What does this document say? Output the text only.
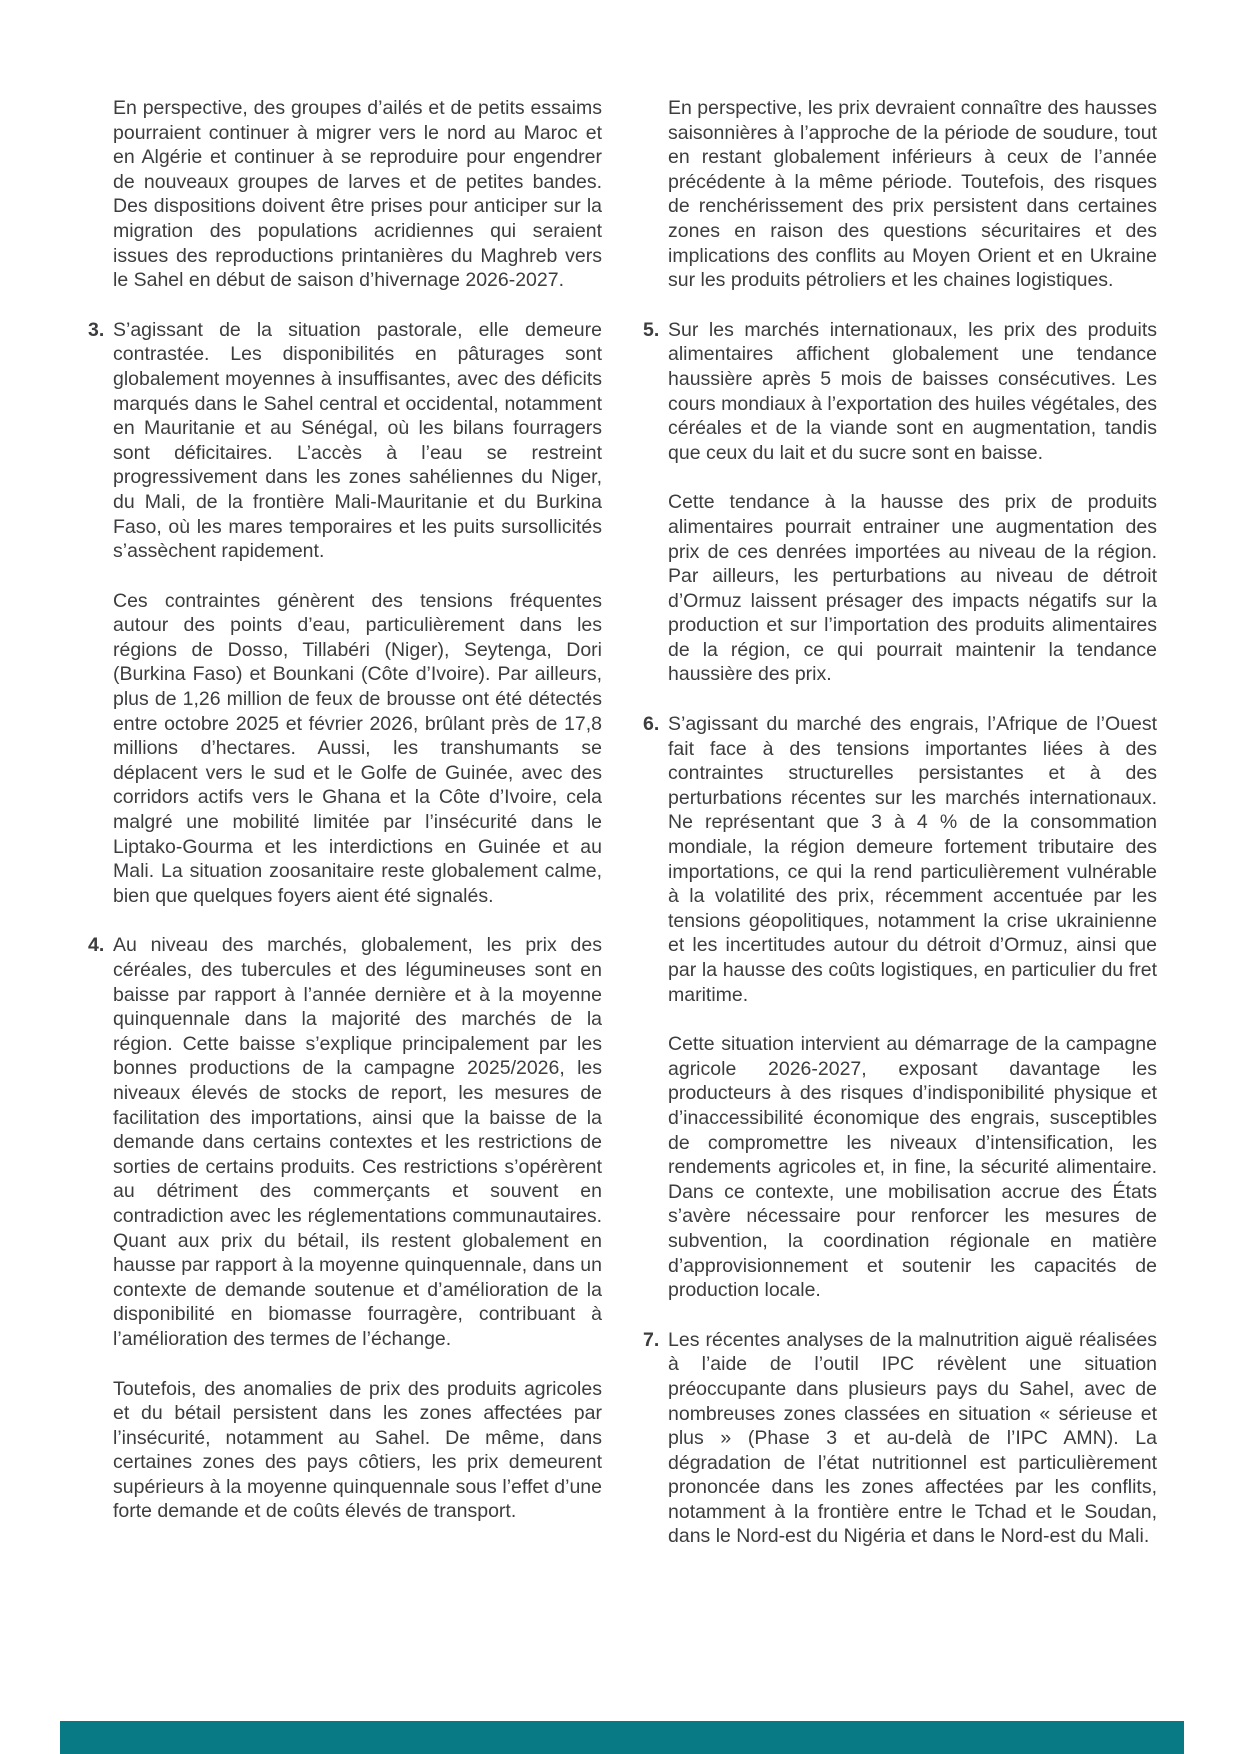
En perspective, des groupes d’ailés et de petits essaims pourraient continuer à migrer vers le nord au Maroc et en Algérie et continuer à se reproduire pour engendrer de nouveaux groupes de larves et de petites bandes. Des dispositions doivent être prises pour anticiper sur la migration des populations acridiennes qui seraient issues des reproductions printanières du Maghreb vers le Sahel en début de saison d’hivernage 2026-2027.

3. S’agissant de la situation pastorale, elle demeure contrastée. Les disponibilités en pâturages sont globalement moyennes à insuffisantes, avec des déficits marqués dans le Sahel central et occidental, notamment en Mauritanie et au Sénégal, où les bilans fourragers sont déficitaires. L’accès à l’eau se restreint progressivement dans les zones sahéliennes du Niger, du Mali, de la frontière Mali-Mauritanie et du Burkina Faso, où les mares temporaires et les puits sursollicités s’assèchent rapidement.

Ces contraintes génèrent des tensions fréquentes autour des points d’eau, particulièrement dans les régions de Dosso, Tillabéri (Niger), Seytenga, Dori (Burkina Faso) et Bounkani (Côte d’Ivoire). Par ailleurs, plus de 1,26 million de feux de brousse ont été détectés entre octobre 2025 et février 2026, brûlant près de 17,8 millions d’hectares. Aussi, les transhumants se déplacent vers le sud et le Golfe de Guinée, avec des corridors actifs vers le Ghana et la Côte d’Ivoire, cela malgré une mobilité limitée par l’insécurité dans le Liptako-Gourma et les interdictions en Guinée et au Mali. La situation zoosanitaire reste globalement calme, bien que quelques foyers aient été signalés.

4. Au niveau des marchés, globalement, les prix des céréales, des tubercules et des légumineuses sont en baisse par rapport à l’année dernière et à la moyenne quinquennale dans la majorité des marchés de la région. Cette baisse s’explique principalement par les bonnes productions de la campagne 2025/2026, les niveaux élevés de stocks de report, les mesures de facilitation des importations, ainsi que la baisse de la demande dans certains contextes et les restrictions de sorties de certains produits. Ces restrictions s’opérèrent au détriment des commerçants et souvent en contradiction avec les réglementations communautaires. Quant aux prix du bétail, ils restent globalement en hausse par rapport à la moyenne quinquennale, dans un contexte de demande soutenue et d’amélioration de la disponibilité en biomasse fourragère, contribuant à l’amélioration des termes de l’échange.

Toutefois, des anomalies de prix des produits agricoles et du bétail persistent dans les zones affectées par l’insécurité, notamment au Sahel. De même, dans certaines zones des pays côtiers, les prix demeurent supérieurs à la moyenne quinquennale sous l’effet d’une forte demande et de coûts élevés de transport.

En perspective, les prix devraient connaître des hausses saisonnières à l’approche de la période de soudure, tout en restant globalement inférieurs à ceux de l’année précédente à la même période. Toutefois, des risques de renchérissement des prix persistent dans certaines zones en raison des questions sécuritaires et des implications des conflits au Moyen Orient et en Ukraine sur les produits pétroliers et les chaines logistiques.

5. Sur les marchés internationaux, les prix des produits alimentaires affichent globalement une tendance haussière après 5 mois de baisses consécutives. Les cours mondiaux à l’exportation des huiles végétales, des céréales et de la viande sont en augmentation, tandis que ceux du lait et du sucre sont en baisse.

Cette tendance à la hausse des prix de produits alimentaires pourrait entrainer une augmentation des prix de ces denrées importées au niveau de la région. Par ailleurs, les perturbations au niveau de détroit d’Ormuz laissent présager des impacts négatifs sur la production et sur l’importation des produits alimentaires de la région, ce qui pourrait maintenir la tendance haussière des prix.

6. S’agissant du marché des engrais, l’Afrique de l’Ouest fait face à des tensions importantes liées à des contraintes structurelles persistantes et à des perturbations récentes sur les marchés internationaux. Ne représentant que 3 à 4 % de la consommation mondiale, la région demeure fortement tributaire des importations, ce qui la rend particulièrement vulnérable à la volatilité des prix, récemment accentuée par les tensions géopolitiques, notamment la crise ukrainienne et les incertitudes autour du détroit d’Ormuz, ainsi que par la hausse des coûts logistiques, en particulier du fret maritime.

Cette situation intervient au démarrage de la campagne agricole 2026-2027, exposant davantage les producteurs à des risques d’indisponibilité physique et d’inaccessibilité économique des engrais, susceptibles de compromettre les niveaux d’intensification, les rendements agricoles et, in fine, la sécurité alimentaire. Dans ce contexte, une mobilisation accrue des États s’avère nécessaire pour renforcer les mesures de subvention, la coordination régionale en matière d’approvisionnement et soutenir les capacités de production locale.

7. Les récentes analyses de la malnutrition aiguë réalisées à l’aide de l’outil IPC révèlent une situation préoccupante dans plusieurs pays du Sahel, avec de nombreuses zones classées en situation « sérieuse et plus » (Phase 3 et au-delà de l’IPC AMN). La dégradation de l’état nutritionnel est particulièrement prononcée dans les zones affectées par les conflits, notamment à la frontière entre le Tchad et le Soudan, dans le Nord-est du Nigéria et dans le Nord-est du Mali.
